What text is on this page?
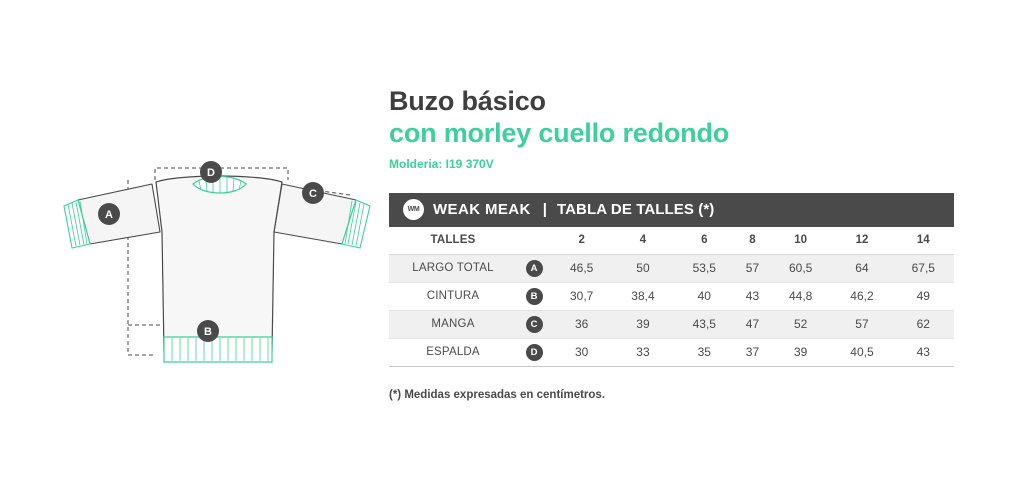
A
B
C
D
Buzo básico
con morley cuello redondo
Molderia: I19 370V
WM WEAK MEAK | TABLA DE TALLES (*)
TALLES		2	4	6	8	10	12	14
LARGO TOTAL	A	46,5	50	53,5	57	60,5	64	67,5
CINTURA	B	30,7	38,4	40	43	44,8	46,2	49
MANGA	C	36	39	43,5	47	52	57	62
ESPALDA	D	30	33	35	37	39	40,5	43
(*) Medidas expresadas en centímetros.
